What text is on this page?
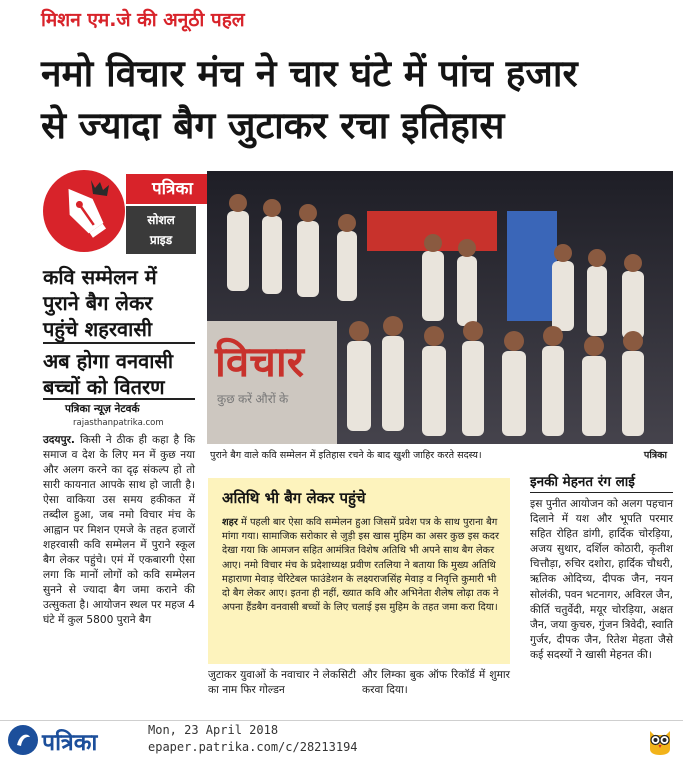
मिशन एम.जे की अनूठी पहल
नमो विचार मंच ने चार घंटे में पांच हजार
से ज्यादा बैग जुटाकर रचा इतिहास
पत्रिका
सोशल
प्राइड
कवि सम्मेलन में पुराने बैग लेकर पहुंचे शहरवासी
अब होगा वनवासी बच्चों को वितरण
पत्रिका न्यूज़ नेटवर्क
rajasthanpatrika.com
उदयपुर. किसी ने ठीक ही कहा है कि समाज व देश के लिए मन में कुछ नया और अलग करने का दृढ़ संकल्प हो तो सारी कायनात आपके साथ हो जाती है। ऐसा वाकिया उस समय हकीकत में तब्दील हुआ, जब नमो विचार मंच के आह्वान पर मिशन एमजे के तहत हजारों शहरवासी कवि सम्मेलन में पुराने स्कूल बैग लेकर पहुंचे। एमं में एकबारगी ऐसा लगा कि मानों लोगों को कवि सम्मेलन सुनने से ज्यादा बैग जमा कराने की उत्सुकता है। आयोजन स्थल पर महज 4 घंटे में कुल 5800 पुराने बैग
विचार
कुछ करें औरों के
पुराने बैग वाले कवि सम्मेलन में इतिहास रचने के बाद खुशी जाहिर करते सदस्य।	पत्रिका
अतिथि भी बैग लेकर पहुंचे
शहर में पहली बार ऐसा कवि सम्मेलन हुआ जिसमें प्रवेश पत्र के साथ पुराना बैग मांगा गया। सामाजिक सरोकार से जुड़ी इस खास मुहिम का असर कुछ इस कदर देखा गया कि आमजन सहित आमंत्रित विशेष अतिथि भी अपने साथ बैग लेकर आए। नमो विचार मंच के प्रदेशाध्यक्ष प्रवीण रतलिया ने बताया कि मुख्य अतिथि महाराणा मेवाड़ चेरिटेबल फाउंडेशन के लक्ष्यराजसिंह मेवाड़ व निवृत्ति कुमारी भी दो बैग लेकर आए। इतना ही नहीं, ख्यात कवि और अभिनेता शैलेष लोढ़ा तक ने अपना हैंडबैग वनवासी बच्चों के लिए चलाई इस मुहिम के तहत जमा करा दिया।
जुटाकर युवाओं के नवाचार ने लेकसिटी का नाम फिर गोल्डन
और लिम्का बुक ऑफ रिकॉर्ड में शुमार करवा दिया।
इनकी मेहनत रंग लाई
इस पुनीत आयोजन को अलग पहचान दिलाने में यश और भूपति परमार सहित रोहित डांगी, हार्दिक चोरड़िया, अजय सुथार, दर्शिल कोठारी, कृतीश चित्तौड़ा, रुचिर दशोरा, हार्दिक चौधरी, ऋतिक ओदिच्य, दीपक जैन, नयन सोलंकी, पवन भटनागर, अविरल जैन, कीर्ति चतुर्वेदी, मयूर चोरड़िया, अक्षत जैन, जया कुचरु, गुंजन त्रिवेदी, स्वाति गुर्जर, दीपक जैन, रितेश मेहता जैसे कई सदस्यों ने खासी मेहनत की।
पत्रिका	Mon, 23 April 2018
epaper.patrika.com/c/28213194
